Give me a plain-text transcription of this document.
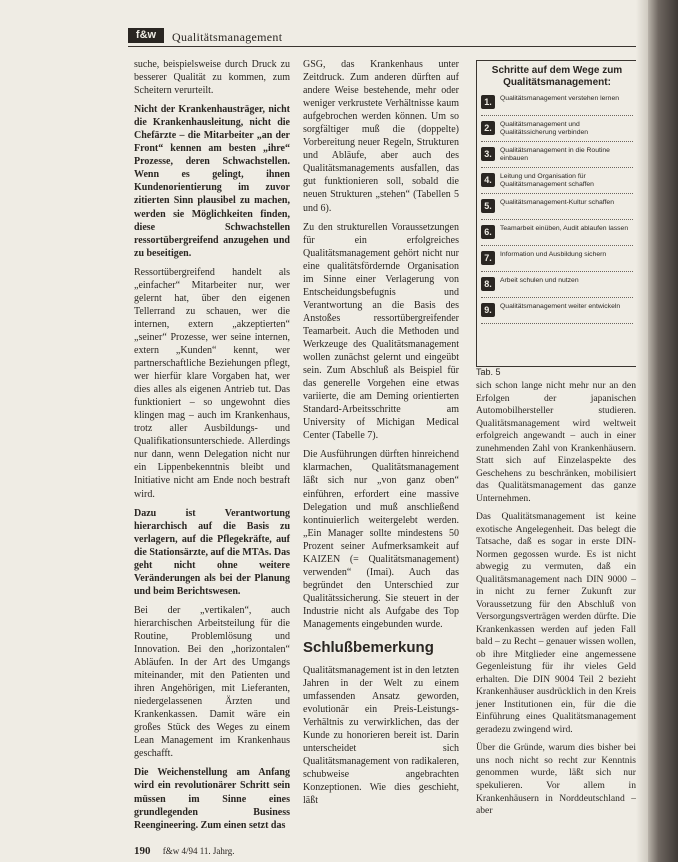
f&w	Qualitätsmanagement

suche, beispielsweise durch Druck zu besserer Qualität zu kommen, zum Scheitern verurteilt.

Nicht der Krankenhausträger, nicht die Krankenhausleitung, nicht die Chefärzte – die Mitarbeiter „an der Front“ kennen am besten „ihre“ Prozesse, deren Schwachstellen. Wenn es gelingt, ihnen Kundenorientierung im zuvor zitierten Sinn plausibel zu machen, werden sie Möglichkeiten finden, diese Schwachstellen ressortübergreifend anzugehen und zu beseitigen.

Ressortübergreifend handelt als „einfacher“ Mitarbeiter nur, wer gelernt hat, über den eigenen Tellerrand zu schauen, wer die internen, extern „akzeptierten“ „seiner“ Prozesse, wer seine internen, extern „Kunden“ kennt, wer partnerschaftliche Beziehungen pflegt, wer hierfür klare Vorgaben hat, wer dies alles als eigenen Antrieb tut. Das funktioniert – so ungewohnt dies klingen mag – auch im Krankenhaus, trotz aller Ausbildungs- und Qualifikationsunterschiede. Allerdings nur dann, wenn Delegation nicht nur ein Lippenbekenntnis bleibt und Initiative nicht am Ende noch bestraft wird.

Dazu ist Verantwortung hierarchisch auf die Basis zu verlagern, auf die Pflegekräfte, auf die Stationsärzte, auf die MTAs. Das geht nicht ohne weitere Veränderungen als bei der Planung und beim Berichtswesen.

Bei der „vertikalen“, auch hierarchischen Arbeitsteilung für die Routine, Problemlösung und Innovation. Bei den „horizontalen“ Abläufen. In der Art des Umgangs miteinander, mit den Patienten und ihren Angehörigen, mit Lieferanten, niedergelassenen Ärzten und Krankenkassen. Damit wäre ein großes Stück des Weges zu einem Lean Management im Krankenhaus geschafft.

Die Weichenstellung am Anfang wird ein revolutionärer Schritt sein müssen im Sinne eines grundlegenden Business Reengineering. Zum einen setzt das

GSG, das Krankenhaus unter Zeitdruck. Zum anderen dürften auf andere Weise bestehende, mehr oder weniger verkrustete Verhältnisse kaum aufgebrochen werden können. Um so sorgfältiger muß die (doppelte) Vorbereitung neuer Regeln, Strukturen und Abläufe, aber auch des Qualitätsmanagements ausfallen, das gut funktionieren soll, sobald die neuen Strukturen „stehen“ (Tabellen 5 und 6).

Zu den strukturellen Voraussetzungen für ein erfolgreiches Qualitätsmanagement gehört nicht nur eine qualitätsfördernde Organisation im Sinne einer Verlagerung von Entscheidungsbefugnis und Verantwortung an die Basis des Anstoßes ressortübergreifender Teamarbeit. Auch die Methoden und Werkzeuge des Qualitätsmanagement wollen zunächst gelernt und eingeübt sein. Zum Abschluß als Beispiel für das generelle Vorgehen eine etwas variierte, die am Deming orientierten Standard-Arbeitsschritte am University of Michigan Medical Center (Tabelle 7).

Die Ausführungen dürften hinreichend klarmachen, Qualitätsmanagement läßt sich nur „von ganz oben“ einführen, erfordert eine massive Delegation und muß anschließend kontinuierlich weitergelebt werden. „Ein Manager sollte mindestens 50 Prozent seiner Aufmerksamkeit auf KAIZEN (= Qualitätsmanagement) verwenden“ (Imai). Auch das begründet den Unterschied zur Qualitätssicherung. Sie steuert in der Industrie nicht als Aufgabe des Top Managements eingebunden wurde.

Schlußbemerkung

Qualitätsmanagement ist in den letzten Jahren in der Welt zu einem umfassenden Ansatz geworden, evolutionär ein Preis-Leistungs-Verhältnis zu verwirklichen, das der Kunde zu honorieren bereit ist. Darin unterscheidet sich Qualitätsmanagement von radikaleren, schubweise angebrachten Konzeptionen. Wie dies geschieht, läßt

Schritte auf dem Wege zum Qualitätsmanagement:
1.	Qualitätsmanagement verstehen lernen
2.	Qualitätsmanagement und Qualitätssicherung verbinden
3.	Qualitätsmanagement in die Routine einbauen
4.	Leitung und Organisation für Qualitätsmanagement schaffen
5.	Qualitätsmanagement-Kultur schaffen
6.	Teamarbeit einüben, Audit ablaufen lassen
7.	Information und Ausbildung sichern
8.	Arbeit schulen und nutzen
9.	Qualitätsmanagement weiter entwickeln
Tab. 5

sich schon lange nicht mehr nur an den Erfolgen der japanischen Automobilhersteller studieren. Qualitätsmanagement wird weltweit erfolgreich angewandt – auch in einer zunehmenden Zahl von Krankenhäusern. Statt sich auf Einzelaspekte des Geschehens zu beschränken, mobilisiert das Qualitätsmanagement das ganze Unternehmen.

Das Qualitätsmanagement ist keine exotische Angelegenheit. Das belegt die Tatsache, daß es sogar in erste DIN-Normen gegossen wurde. Es ist nicht abwegig zu vermuten, daß ein Qualitätsmanagement nach DIN 9000 – in nicht zu ferner Zukunft zur Voraussetzung für den Abschluß von Versorgungsverträgen werden dürfte. Die Krankenkassen werden auf jeden Fall bald – zu Recht – genauer wissen wollen, ob ihre Mitglieder eine angemessene Gegenleistung für ihr vieles Geld erhalten. Die DIN 9004 Teil 2 bezieht Krankenhäuser ausdrücklich in den Kreis jener Institutionen ein, für die die Einführung eines Qualitätsmanagement geradezu zwingend wird.

Über die Gründe, warum dies bisher bei uns noch nicht so recht zur Kenntnis genommen wurde, läßt sich nur spekulieren. Vor allem in Krankenhäusern in Norddeutschland – aber

190 f&w 4/94 11. Jahrg.
